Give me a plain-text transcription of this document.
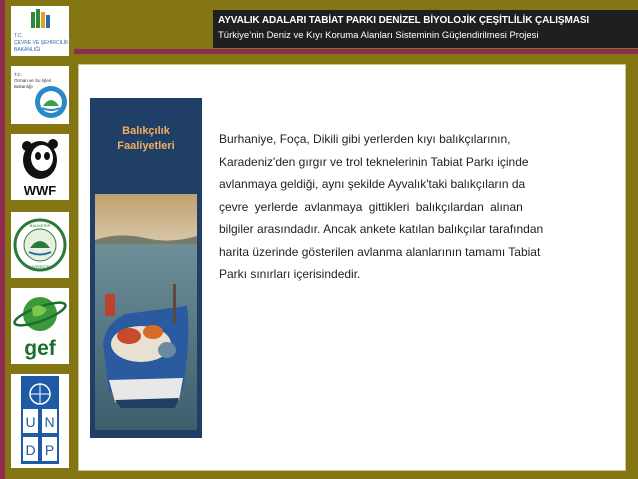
T.C.
ÇEVRE VE ŞEHİRCİLİK
BAKANLIĞI
T.C.
Orman ve Su İşleri
Bakanlığı
WWF
BALIKESİR
ÜNİVERSİTESİ
gef
U N
D P
AYVALIK ADALARI TABİAT PARKI DENİZEL BİYOLOJİK ÇEŞİTLİLİK ÇALIŞMASI
Türkiye’nin Deniz ve Kıyı Koruma Alanları Sisteminin Güçlendirilmesi Projesi
Balıkçılık
Faaliyetleri	Burhaniye, Foça, Dikili gibi yerlerden kıyı balıkçılarının,

Karadeniz'den gırgır ve trol teknelerinin Tabiat Parkı içinde

avlanmaya geldiği, aynı şekilde Ayvalık'taki balıkçıların da

çevre yerlerde avlanmaya gittikleri balıkçılardan alınan

bilgiler arasındadır. Ancak ankete katılan balıkçılar tarafından

harita üzerinde gösterilen avlanma alanlarının tamamı Tabiat

Parkı sınırları içerisindedir.
